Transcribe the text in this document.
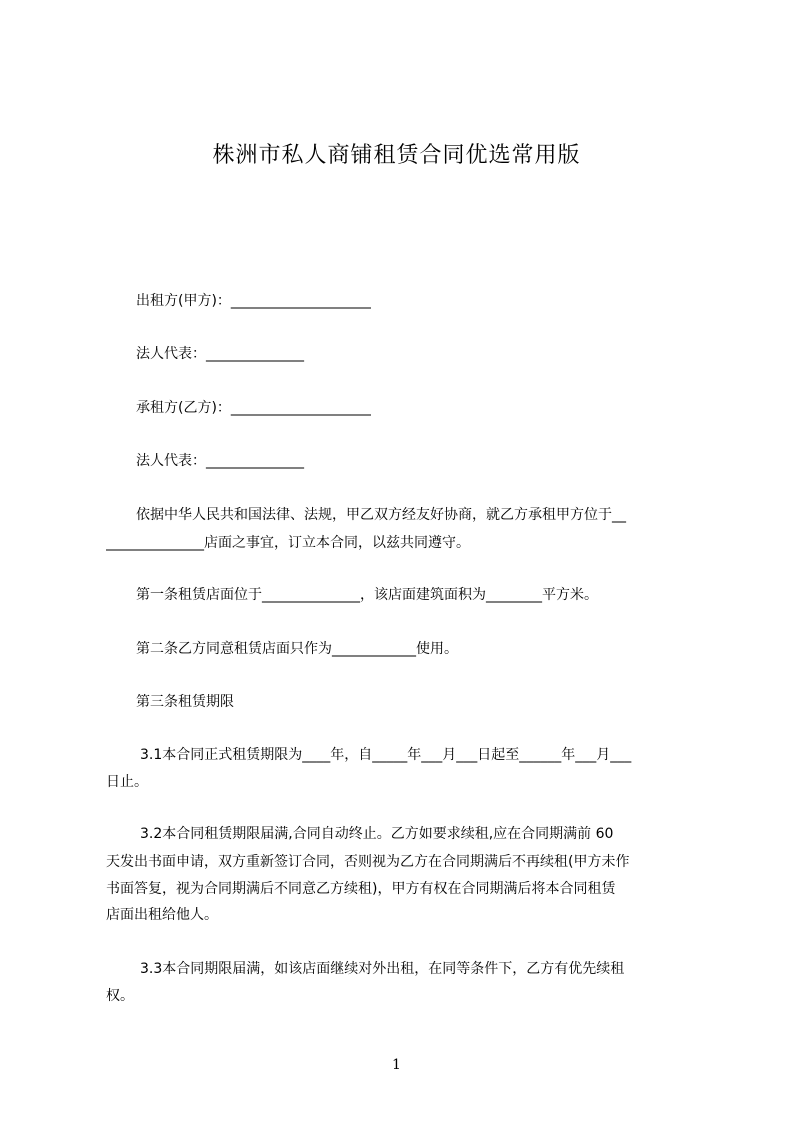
株洲市私人商铺租赁合同优选常用版
出租方(甲方)：____________________
法人代表：______________
承租方(乙方)：____________________
法人代表：______________
依据中华人民共和国法律、法规，甲乙双方经友好协商，就乙方承租甲方位于__
______________店面之事宜，订立本合同，以兹共同遵守。
第一条租赁店面位于______________，该店面建筑面积为________平方米。
第二条乙方同意租赁店面只作为____________使用。
第三条租赁期限
3.1本合同正式租赁期限为____年，自_____年___月___日起至______年___月___
日止。
3.2本合同租赁期限届满,合同自动终止。乙方如要求续租,应在合同期满前 60
天发出书面申请，双方重新签订合同，否则视为乙方在合同期满后不再续租(甲方未作
书面答复，视为合同期满后不同意乙方续租)，甲方有权在合同期满后将本合同租赁
店面出租给他人。
3.3本合同期限届满，如该店面继续对外出租，在同等条件下，乙方有优先续租
权。
1
